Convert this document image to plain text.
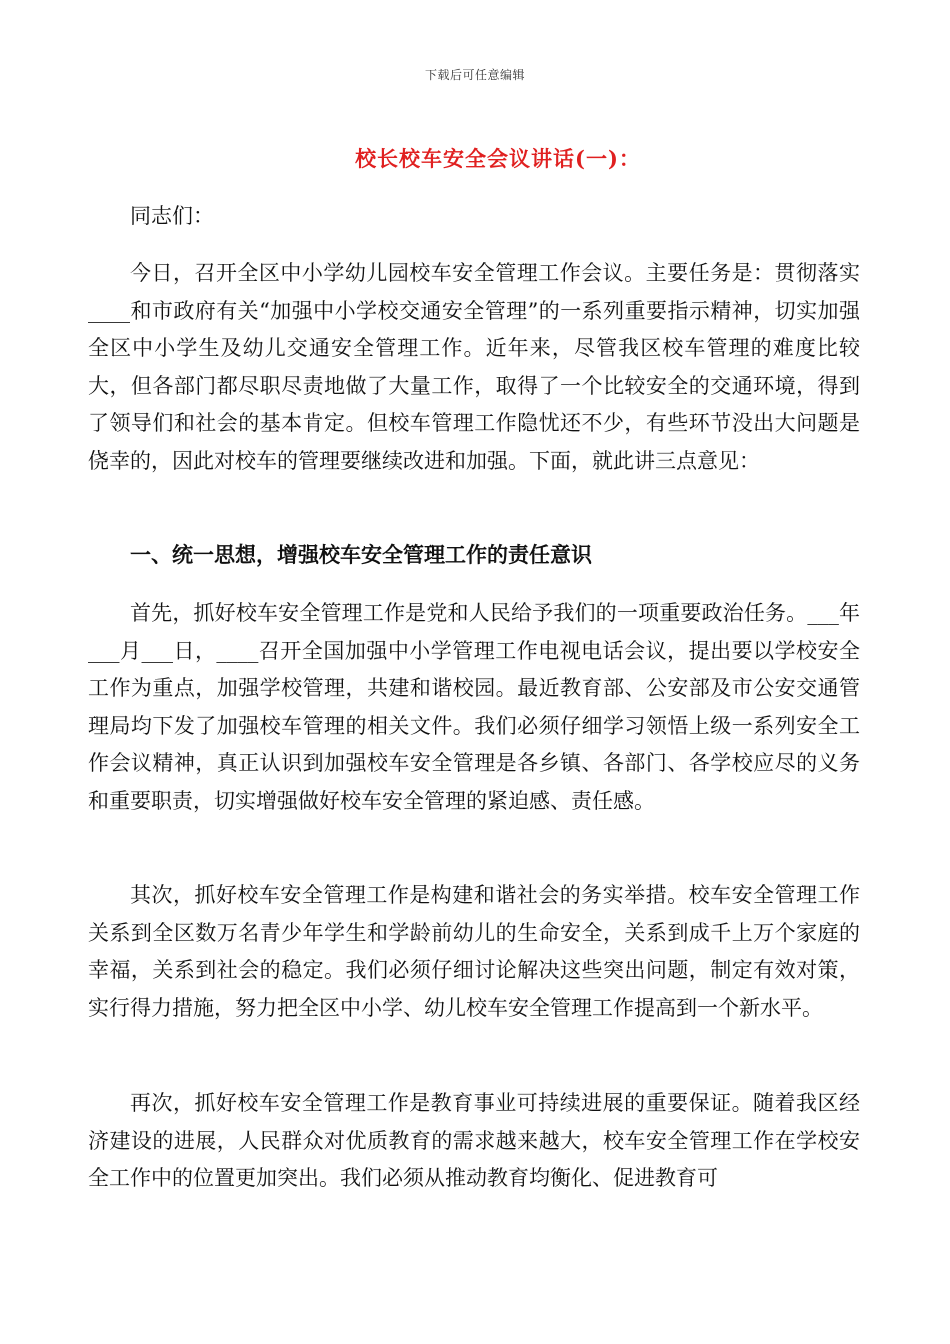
下载后可任意编辑
校长校车安全会议讲话(一)：

同志们：

今日，召开全区中小学幼儿园校车安全管理工作会议。主要任务是：贯彻落实____和市政府有关“加强中小学校交通安全管理”的一系列重要指示精神，切实加强全区中小学生及幼儿交通安全管理工作。近年来，尽管我区校车管理的难度比较大，但各部门都尽职尽责地做了大量工作，取得了一个比较安全的交通环境，得到了领导们和社会的基本肯定。但校车管理工作隐忧还不少，有些环节没出大问题是侥幸的，因此对校车的管理要继续改进和加强。下面，就此讲三点意见：

一、统一思想，增强校车安全管理工作的责任意识

首先，抓好校车安全管理工作是党和人民给予我们的一项重要政治任务。___年___月___日，____召开全国加强中小学管理工作电视电话会议，提出要以学校安全工作为重点，加强学校管理，共建和谐校园。最近教育部、公安部及市公安交通管理局均下发了加强校车管理的相关文件。我们必须仔细学习领悟上级一系列安全工作会议精神，真正认识到加强校车安全管理是各乡镇、各部门、各学校应尽的义务和重要职责，切实增强做好校车安全管理的紧迫感、责任感。

其次，抓好校车安全管理工作是构建和谐社会的务实举措。校车安全管理工作关系到全区数万名青少年学生和学龄前幼儿的生命安全，关系到成千上万个家庭的幸福，关系到社会的稳定。我们必须仔细讨论解决这些突出问题，制定有效对策，实行得力措施，努力把全区中小学、幼儿校车安全管理工作提高到一个新水平。

再次，抓好校车安全管理工作是教育事业可持续进展的重要保证。随着我区经济建设的进展，人民群众对优质教育的需求越来越大，校车安全管理工作在学校安全工作中的位置更加突出。我们必须从推动教育均衡化、促进教育可
